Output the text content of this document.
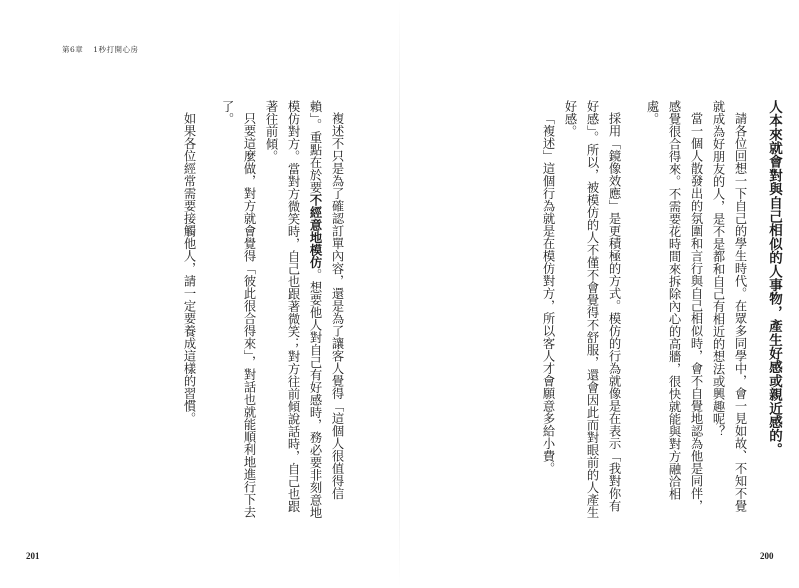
第6章 1秒打開心房

複述不只是為了確認訂單內容，還是為了讓客人覺得「這個人很值得信賴」。重點在於要不經意地模仿。想要他人對自己有好感時，務必要非刻意地模仿對方。當對方微笑時，自己也跟著微笑；對方往前傾說話時，自己也跟著往前傾。

只要這麼做，對方就會覺得「彼此很合得來」，對話也就能順利地進行下去了。

如果各位經常需要接觸他人，請一定要養成這樣的習慣。

201

人本來就會對與自己相似的人事物，產生好感或親近感的。

請各位回想一下自己的學生時代。在眾多同學中，會一見如故、不知不覺就成為好朋友的人，是不是都和自己有相近的想法或興趣呢？

當一個人散發出的氛圍和言行與自己相似時，會不自覺地認為他是同伴，感覺很合得來。不需要花時間來拆除內心的高牆，很快就能與對方融洽相處。

採用「鏡像效應」是更積極的方式。模仿的行為就像是在表示「我對你有好感」。所以，被模仿的人不僅不會覺得不舒服，還會因此而對眼前的人產生好感。

「複述」這個行為就是在模仿對方，所以客人才會願意多給小費。

200
